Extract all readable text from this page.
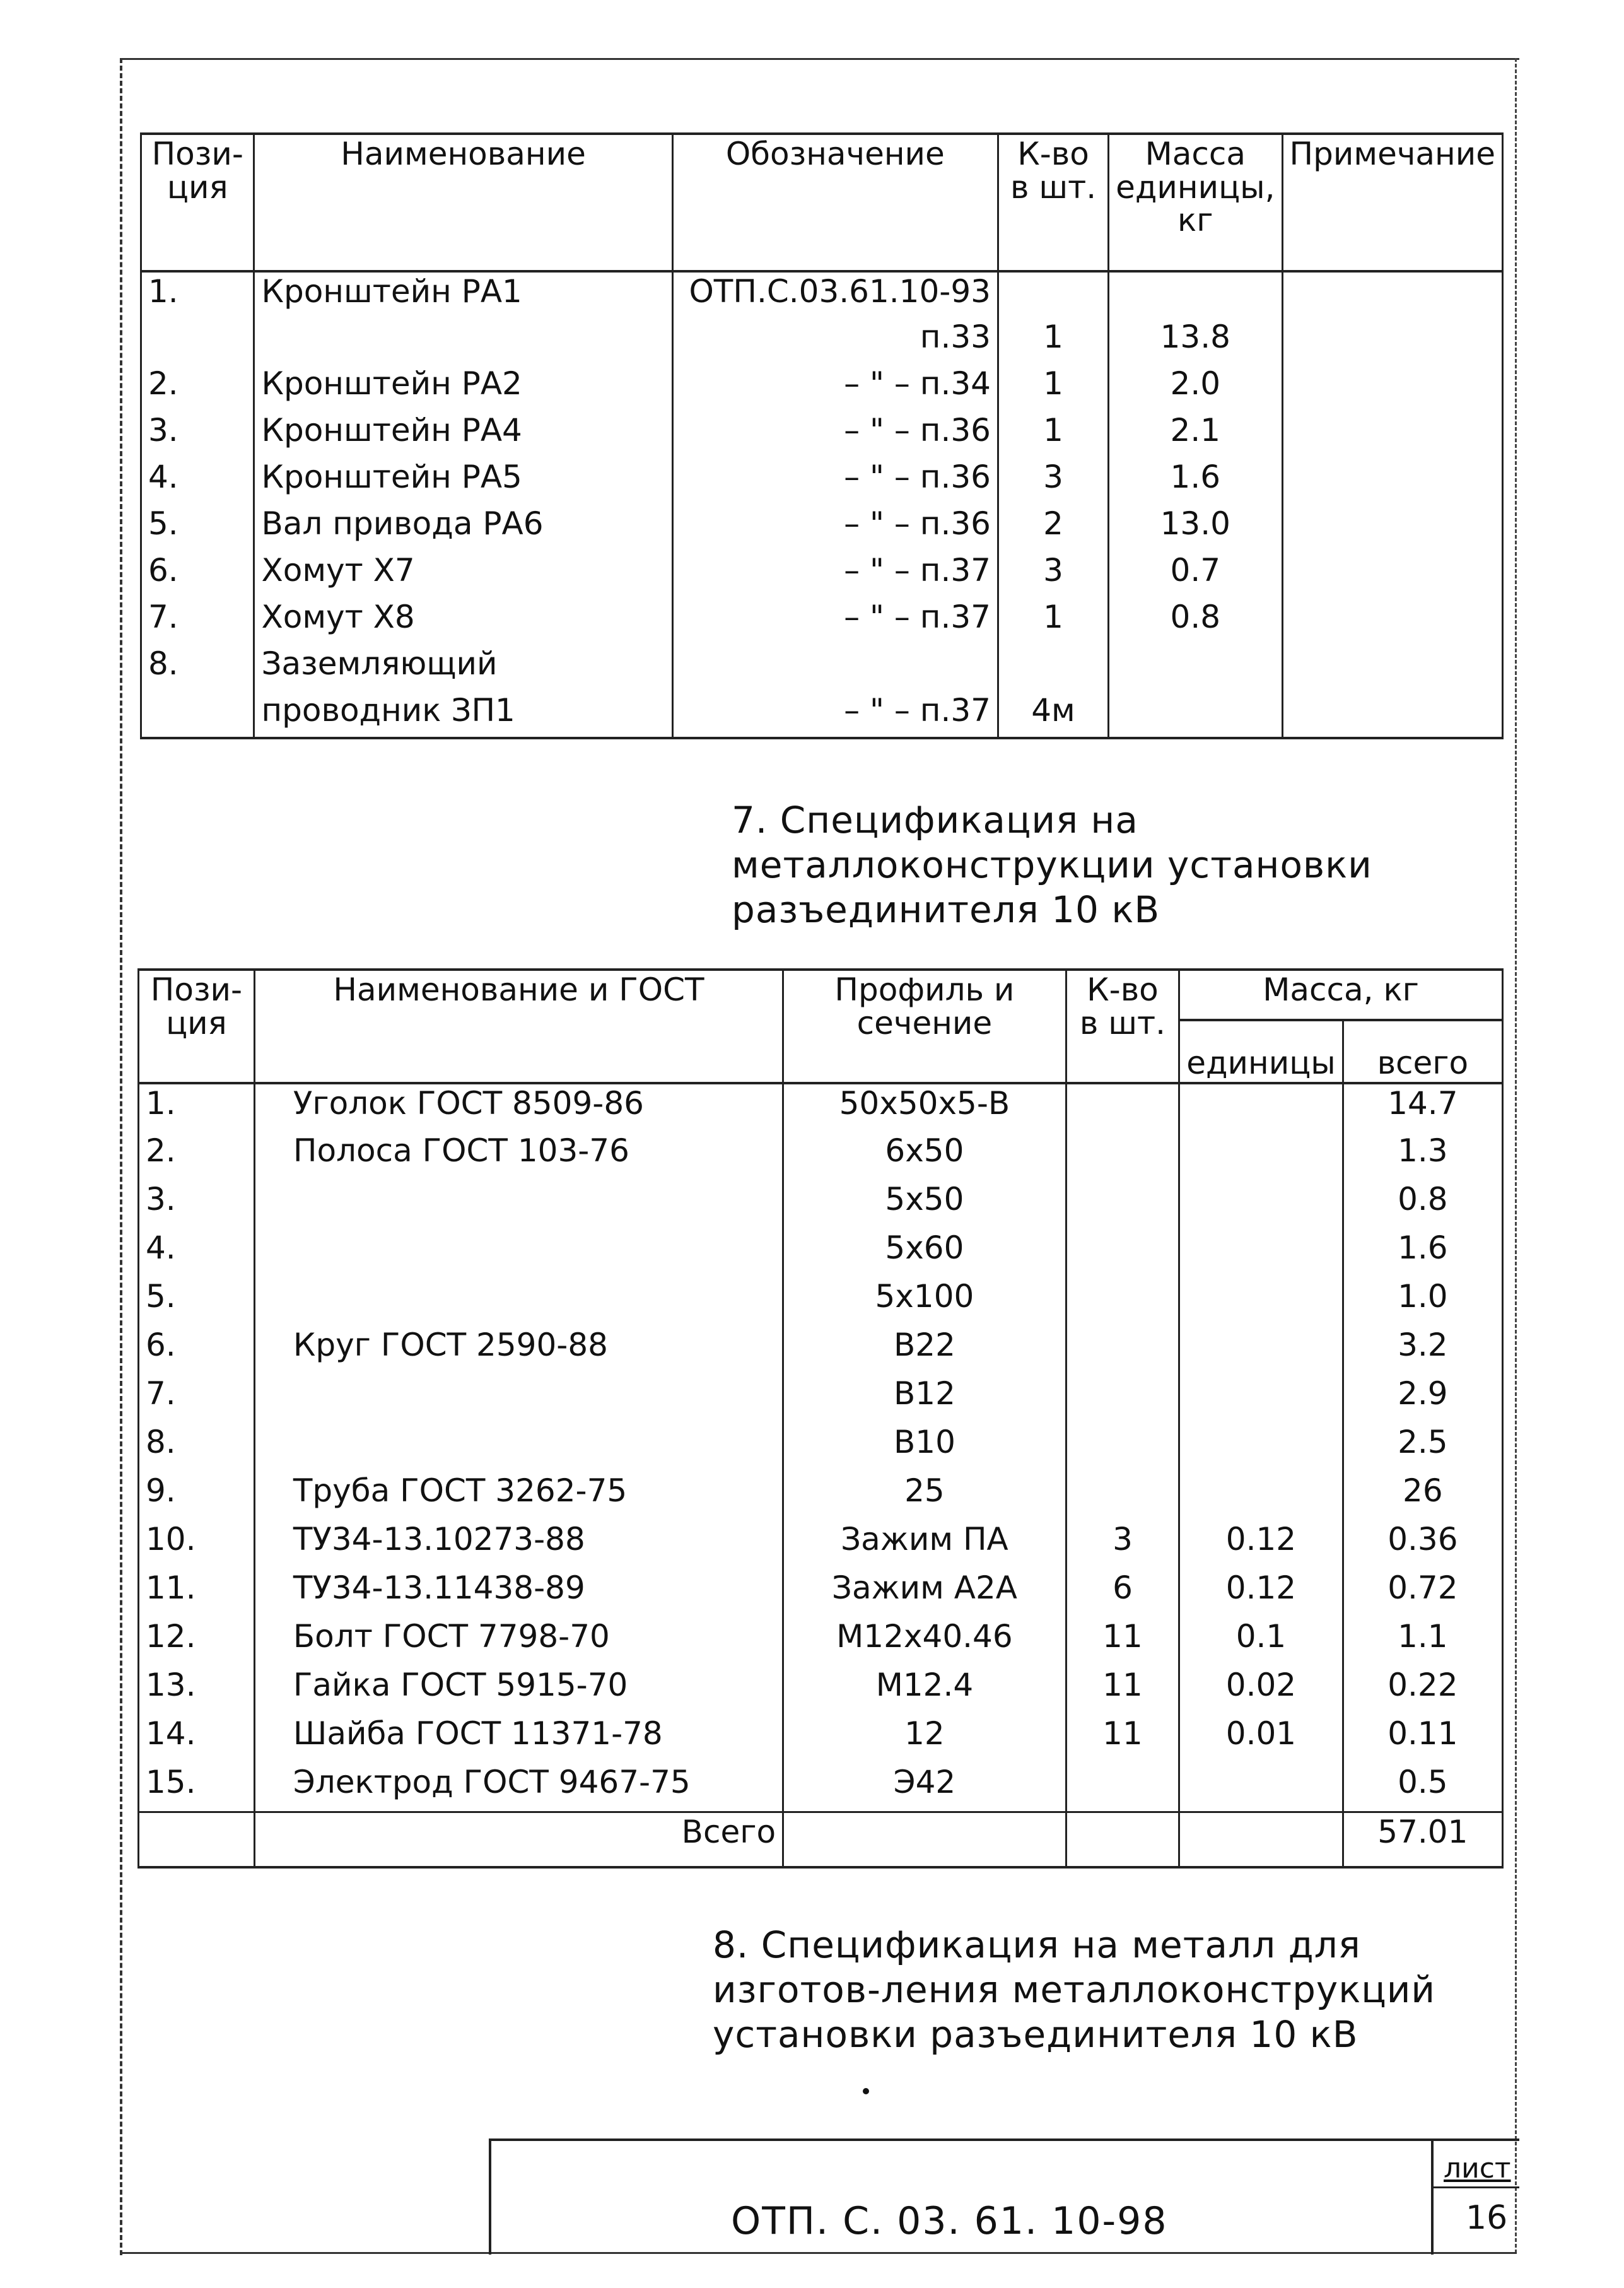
Пози-
ция	Наименование	Обозначение	К-во
в шт.	Масса
единицы,
кг	Примечание
1.	Кронштейн РА1	ОТП.С.03.61.10-93			
		п.33	1	13.8	
2.	Кронштейн РА2	– " – п.34	1	2.0	
3.	Кронштейн РА4	– " – п.36	1	2.1	
4.	Кронштейн РА5	– " – п.36	3	1.6	
5.	Вал привода РА6	– " – п.36	2	13.0	
6.	Хомут Х7	– " – п.37	3	0.7	
7.	Хомут Х8	– " – п.37	1	0.8	
8.	Заземляющий				
	проводник ЗП1	– " – п.37	4м		
7. Спецификация на металлоконструкции установки разъединителя 10 кВ
Пози-
ция	Наименование и ГОСТ	Профиль и
сечение	К-во
в шт.	Масса, кг	
				единицы	всего
1.	Уголок ГОСТ 8509-86	50x50x5-В			14.7
2.	Полоса ГОСТ 103-76	6x50			1.3
3.		5x50			0.8
4.		5x60			1.6
5.		5x100			1.0
6.	Круг ГОСТ 2590-88	В22			3.2
7.		В12			2.9
8.		В10			2.5
9.	Труба ГОСТ 3262-75	25			26
10.	ТУ34-13.10273-88	Зажим ПА	3	0.12	0.36
11.	ТУ34-13.11438-89	Зажим А2А	6	0.12	0.72
12.	Болт ГОСТ 7798-70	М12x40.46	11	0.1	1.1
13.	Гайка ГОСТ 5915-70	М12.4	11	0.02	0.22
14.	Шайба ГОСТ 11371-78	12	11	0.01	0.11
15.	Электрод ГОСТ 9467-75	Э42			0.5
	Всего				57.01
8. Спецификация на металл для изготов-ления металлоконструкций установки разъединителя 10 кВ
ОТП. С. 03. 61. 10-98
лист
16
